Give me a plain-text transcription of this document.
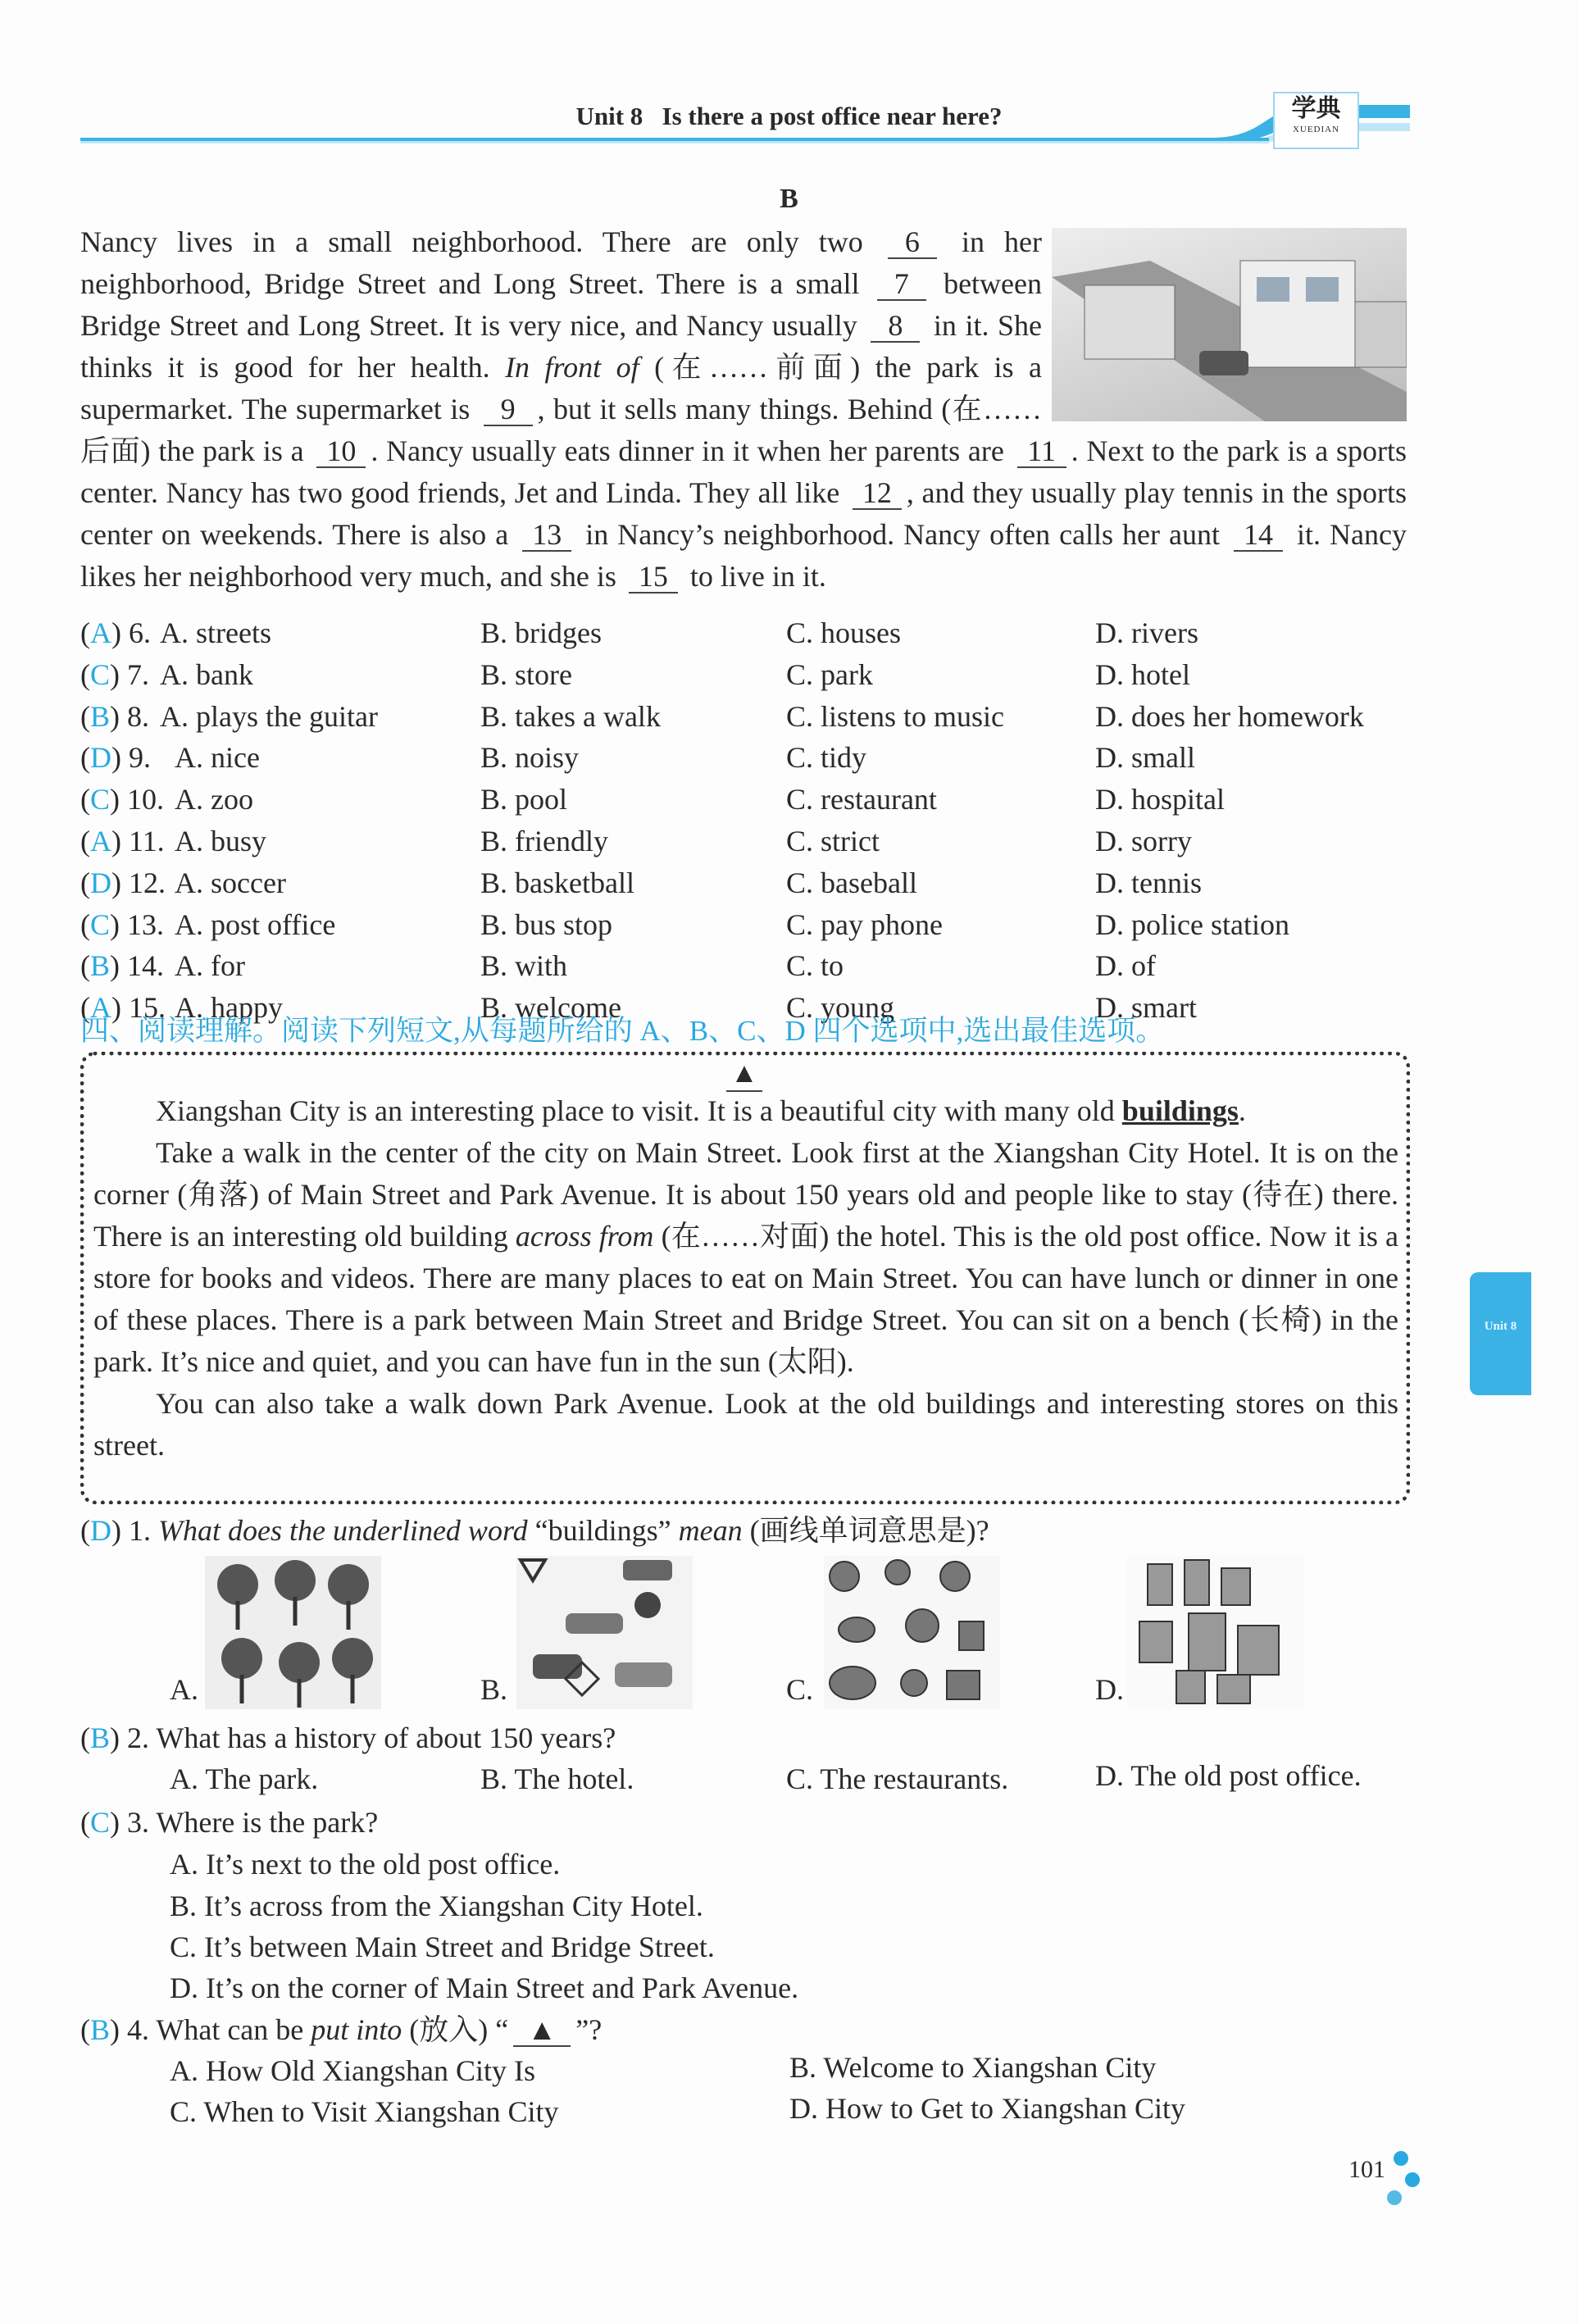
Unit 8   Is there a post office near here?	学典
XUEDIAN
B
Nancy lives in a small neighborhood. There are only two 6 in her neighborhood, Bridge Street and Long Street. There is a small 7 between Bridge Street and Long Street. It is very nice, and Nancy usually 8 in it. She thinks it is good for her health. In front of (在……前面) the park is a supermarket. The supermarket is 9 , but it sells many things. Behind (在……后面) the park is a 10 . Nancy usually eats dinner in it when her parents are 11 . Next to the park is a sports center. Nancy has two good friends, Jet and Linda. They all like 12 , and they usually play tennis in the sports center on weekends. There is also a 13 in Nancy’s neighborhood. Nancy often calls her aunt 14 it. Nancy likes her neighborhood very much, and she is 15 to live in it.
(A) 6. A. streets	B. bridges	C. houses	D. rivers
(C) 7. A. bank	B. store	C. park	D. hotel
(B) 8. A. plays the guitar	B. takes a walk	C. listens to music	D. does her homework
(D) 9. A. nice	B. noisy	C. tidy	D. small
(C) 10. A. zoo	B. pool	C. restaurant	D. hospital
(A) 11. A. busy	B. friendly	C. strict	D. sorry
(D) 12. A. soccer	B. basketball	C. baseball	D. tennis
(C) 13. A. post office	B. bus stop	C. pay phone	D. police station
(B) 14. A. for	B. with	C. to	D. of
(A) 15. A. happy	B. welcome	C. young	D. smart
四、阅读理解。阅读下列短文,从每题所给的 A、B、C、D 四个选项中,选出最佳选项。
▲

Xiangshan City is an interesting place to visit. It is a beautiful city with many old buildings.

Take a walk in the center of the city on Main Street. Look first at the Xiangshan City Hotel. It is on the corner (角落) of Main Street and Park Avenue. It is about 150 years old and people like to stay (待在) there. There is an interesting old building across from (在……对面) the hotel. This is the old post office. Now it is a store for books and videos. There are many places to eat on Main Street. You can have lunch or dinner in one of these places. There is a park between Main Street and Bridge Street. You can sit on a bench (长椅) in the park. It’s nice and quiet, and you can have fun in the sun (太阳).

You can also take a walk down Park Avenue. Look at the old buildings and interesting stores on this street.

(D) 1. What does the underlined word “buildings” mean (画线单词意思是)?
A.	B.	C.	D.
(B) 2. What has a history of about 150 years?
A. The park.	B. The hotel.	C. The restaurants.	D. The old post office.
(C) 3. Where is the park?
A. It’s next to the old post office.
B. It’s across from the Xiangshan City Hotel.
C. It’s between Main Street and Bridge Street.
D. It’s on the corner of Main Street and Park Avenue.
(B) 4. What can be put into (放入) “ ▲ ”?
A. How Old Xiangshan City Is	B. Welcome to Xiangshan City
C. When to Visit Xiangshan City	D. How to Get to Xiangshan City
Unit 8
101
